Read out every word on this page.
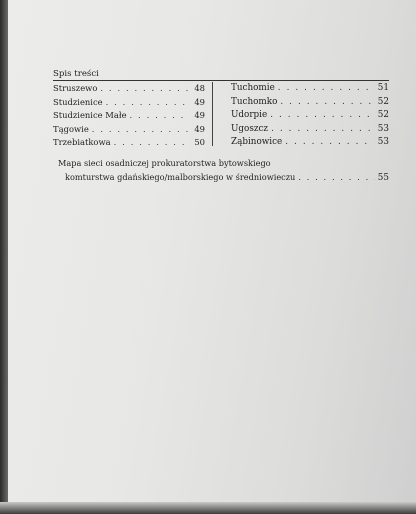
Spis treści
Struszewo . . .	48
Studzienice . . .	49
Studzienice Małe . . .	49
Tągowie . . .	49
Trzebiatkowa . . .	50
Tuchomie . . .	51
Tuchomko . . .	52
Udorpie . . .	52
Ugoszcz . . .	53
Ząbinowice . . .	53
Mapa sieci osadniczej prokuratorstwa bytowskiego
komturstwa gdańskiego/malborskiego w średniowieczu . . .	55
